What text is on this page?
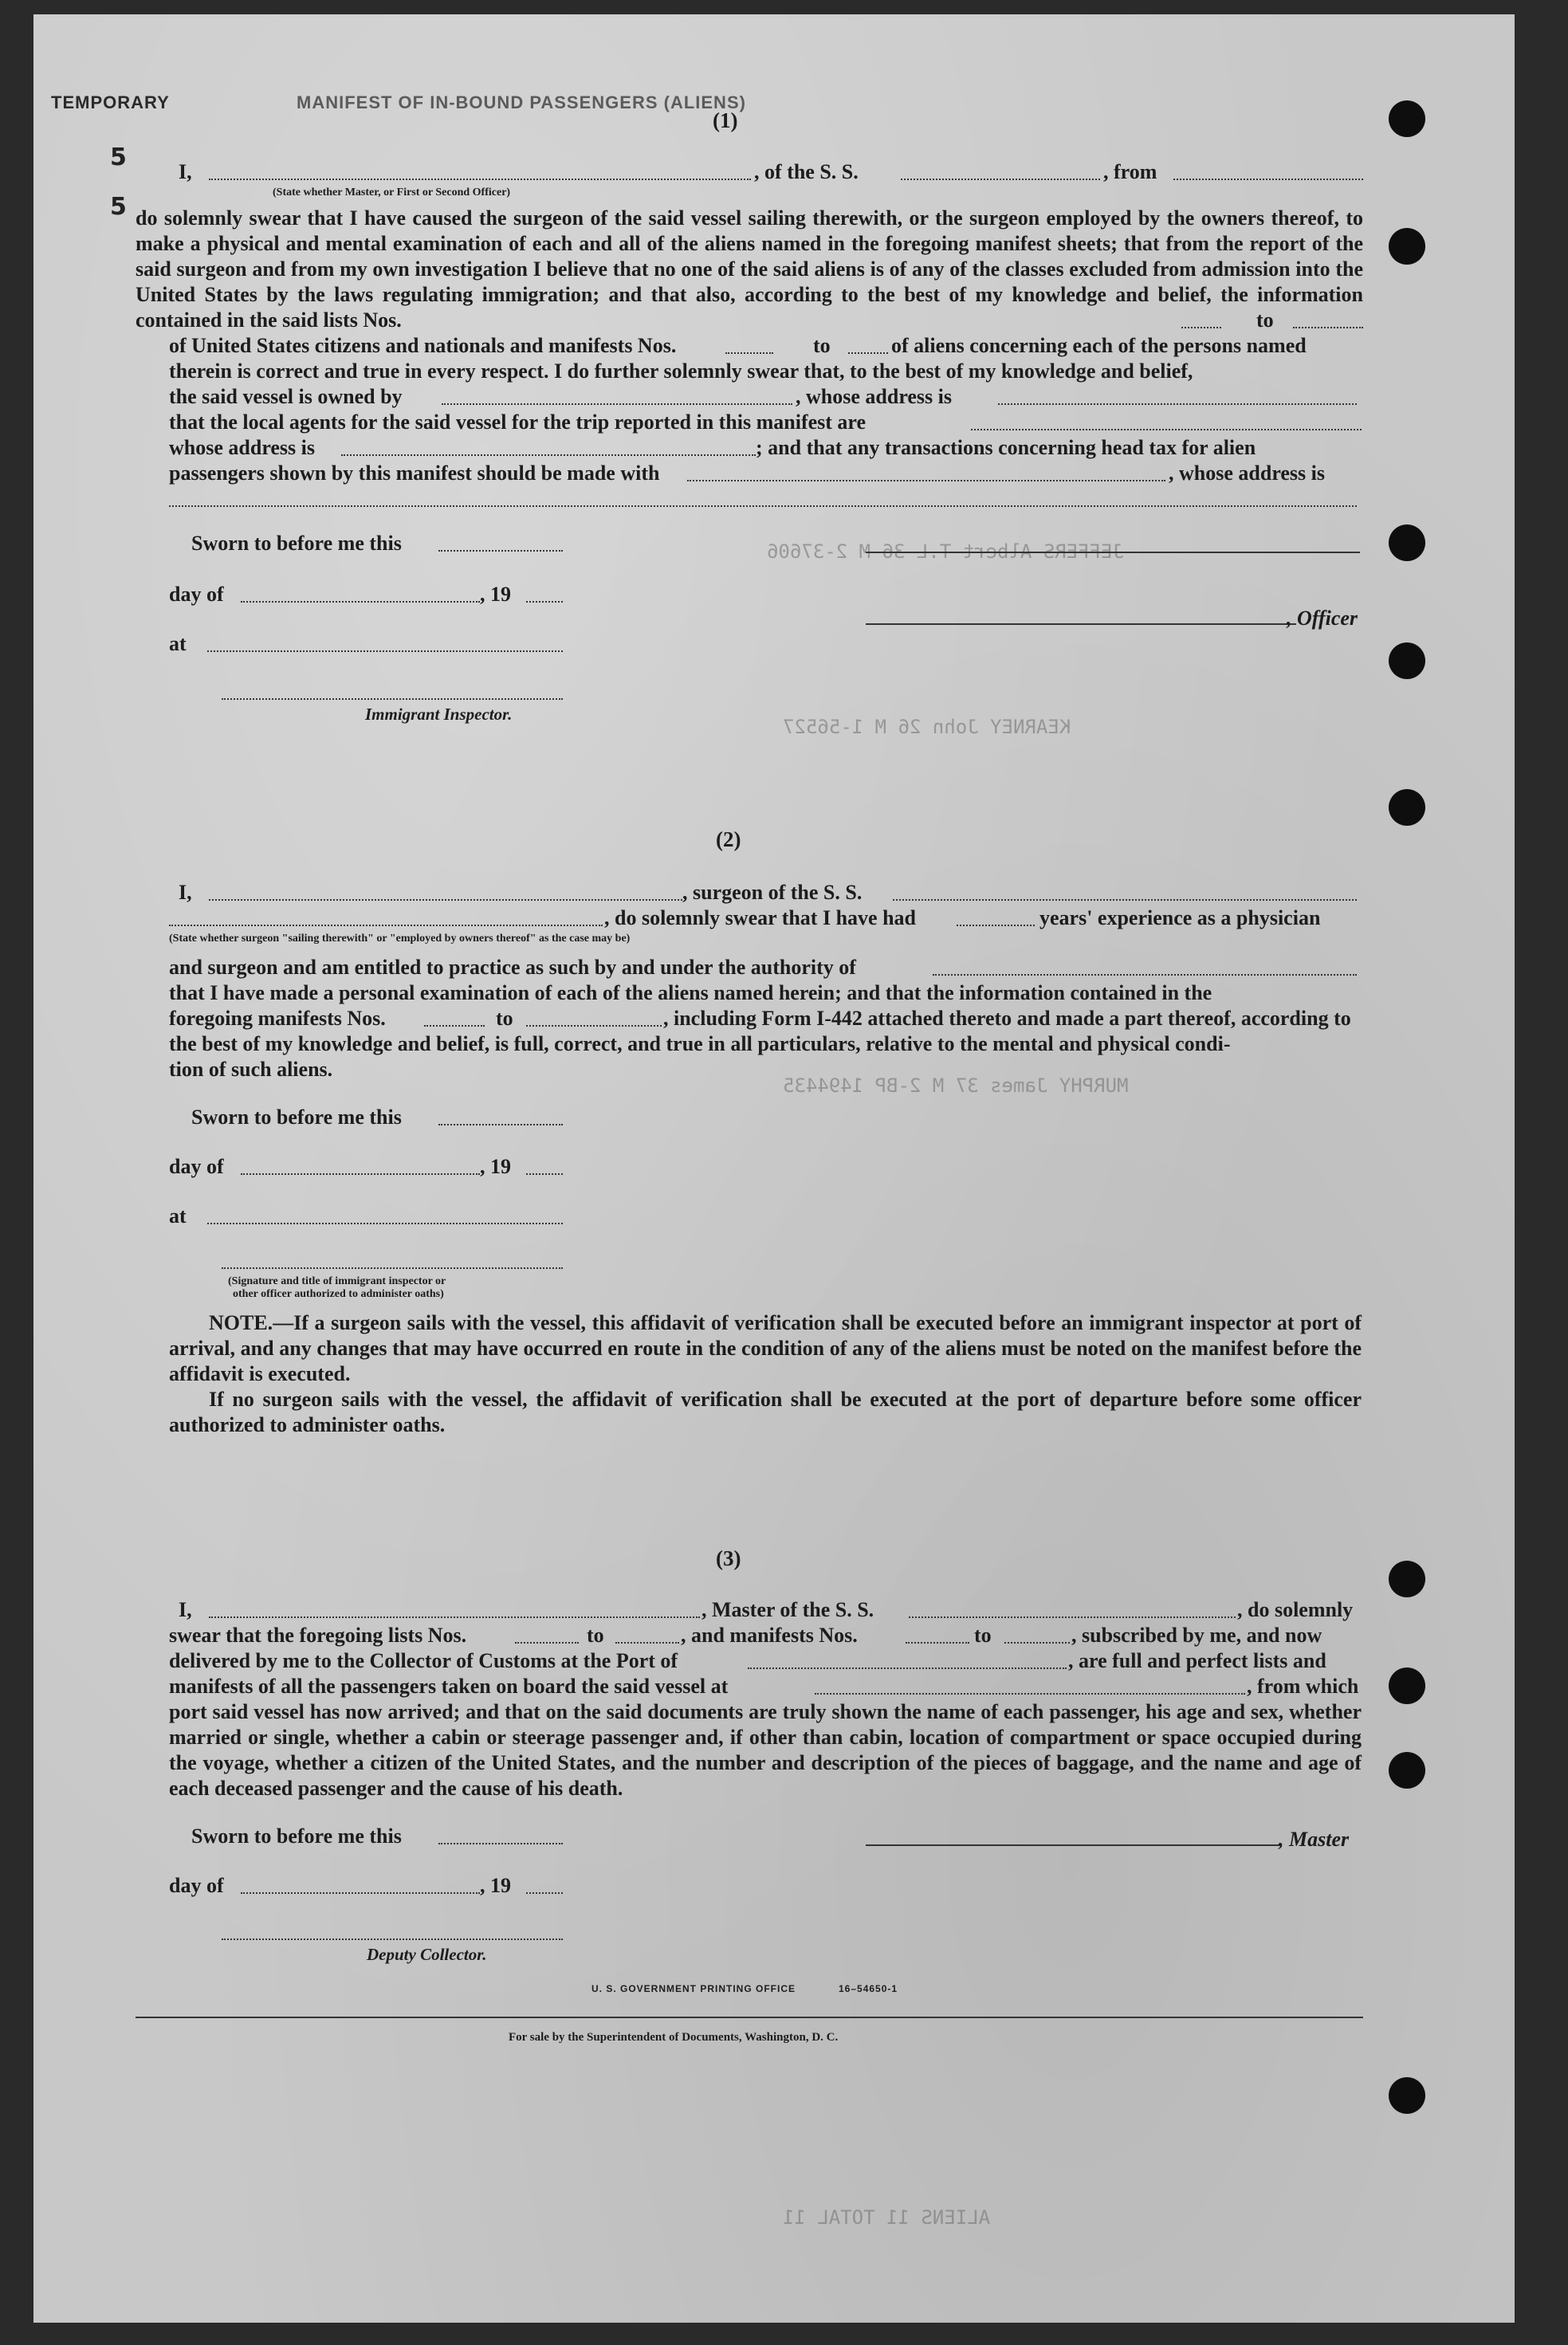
JEFFERS Albert T.L 36 M 2-37606
KEARNEY John 26 M 1-56527
MURPHY James 37 M 2-BP 1494435
ALIENS 11 TOTAL 11
TEMPORARY	MANIFEST OF IN-BOUND PASSENGERS (ALIENS)
5
5
(1)
I,	, of the S. S.	, from
(State whether Master, or First or Second Officer)
do solemnly swear that I have caused the surgeon of the said vessel sailing therewith, or the surgeon employed by the owners thereof, to make a physical and mental examination of each and all of the aliens named in the foregoing manifest sheets; that from the report of the said surgeon and from my own investigation I believe that no one of the said aliens is of any of the classes excluded from admission into the United States by the laws regulating immigration; and that also, according to the best of my knowledge and belief, the information contained in the said lists Nos.	to
of United States citizens and nationals and manifests Nos.	to	of aliens concerning each of the persons named
therein is correct and true in every respect. I do further solemnly swear that, to the best of my knowledge and belief,
the said vessel is owned by	, whose address is
that the local agents for the said vessel for the trip reported in this manifest are
whose address is	; and that any transactions concerning head tax for alien
passengers shown by this manifest should be made with	, whose address is
Sworn to before me this
day of	, 19
at
, Officer
Immigrant Inspector.
(2)
I,	, surgeon of the S. S.
, do solemnly swear that I have had	years' experience as a physician
(State whether surgeon "sailing therewith" or "employed by owners thereof" as the case may be)
and surgeon and am entitled to practice as such by and under the authority of
that I have made a personal examination of each of the aliens named herein; and that the information contained in the
foregoing manifests Nos.	to	, including Form I-442 attached thereto and made a part thereof, according to
the best of my knowledge and belief, is full, correct, and true in all particulars, relative to the mental and physical condi-
tion of such aliens.
Sworn to before me this
day of	, 19
at
(Signature and title of immigrant inspector or
other officer authorized to administer oaths)
NOTE.—If a surgeon sails with the vessel, this affidavit of verification shall be executed before an immigrant inspector at port of arrival, and any changes that may have occurred en route in the condition of any of the aliens must be noted on the manifest before the affidavit is executed.
If no surgeon sails with the vessel, the affidavit of verification shall be executed at the port of departure before some officer authorized to administer oaths.
(3)
I,	, Master of the S. S.	, do solemnly
swear that the foregoing lists Nos.	to	, and manifests Nos.	to	, subscribed by me, and now
delivered by me to the Collector of Customs at the Port of	, are full and perfect lists and
manifests of all the passengers taken on board the said vessel at	, from which
port said vessel has now arrived; and that on the said documents are truly shown the name of each passenger, his age and sex, whether married or single, whether a cabin or steerage passenger and, if other than cabin, location of compartment or space occupied during the voyage, whether a citizen of the United States, and the number and description of the pieces of baggage, and the name and age of each deceased passenger and the cause of his death.
Sworn to before me this	, Master
day of	, 19
Deputy Collector.
U. S. GOVERNMENT PRINTING OFFICE	16–54650-1
For sale by the Superintendent of Documents, Washington, D. C.
